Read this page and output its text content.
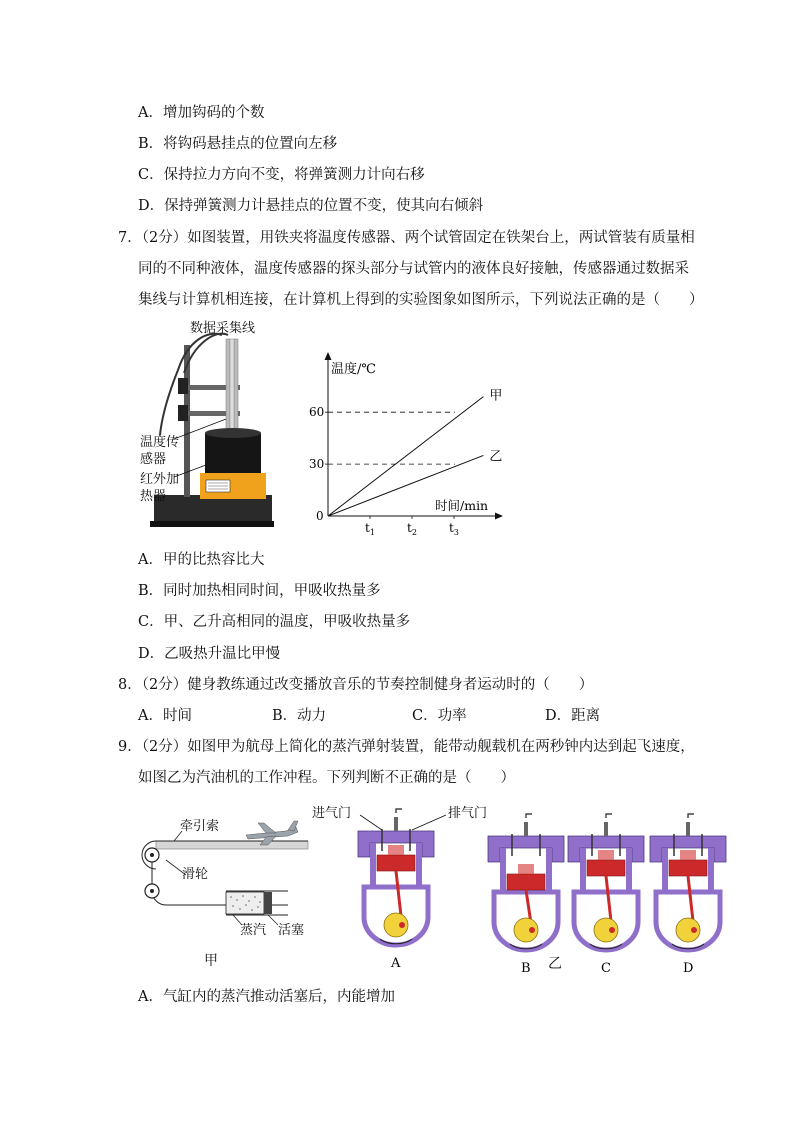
A．增加钩码的个数
B．将钩码悬挂点的位置向左移
C．保持拉力方向不变，将弹簧测力计向右移
D．保持弹簧测力计悬挂点的位置不变，使其向右倾斜
7．（2分）如图装置，用铁夹将温度传感器、两个试管固定在铁架台上，两试管装有质量相
同的不同种液体，温度传感器的探头部分与试管内的液体良好接触，传感器通过数据采
集线与计算机相连接，在计算机上得到的实验图象如图所示，下列说法正确的是（　　）
数据采集线
温度传
感器
红外加
热器
温度/℃
时间/min
0
60
30
$t_1$	$t_2$	$t_3$
甲
乙
A．甲的比热容比大
B．同时加热相同时间，甲吸收热量多
C．甲、乙升高相同的温度，甲吸收热量多
D．乙吸热升温比甲慢
8．（2分）健身教练通过改变播放音乐的节奏控制健身者运动时的（　　）
A．时间	B．动力	C．功率	D．距离
9．（2分）如图甲为航母上简化的蒸汽弹射装置，能带动舰载机在两秒钟内达到起飞速度，
如图乙为汽油机的工作冲程。下列判断不正确的是（　　）
牵引索
滑轮
蒸汽 活塞
甲	A	B	C	D
进气门	排气门
乙
A．气缸内的蒸汽推动活塞后，内能增加
